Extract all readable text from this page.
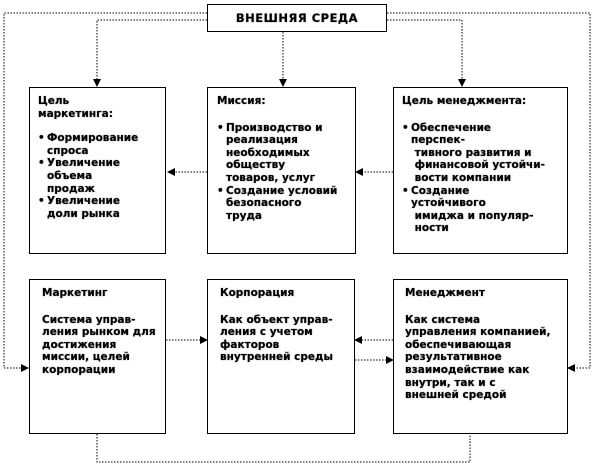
ВНЕШНЯЯ СРЕДА
Цель
маркетинга:
• Формирование
спроса
• Увеличение
объема
продаж
• Увеличение
доли рынка
Миссия:
• Производство и
реализация
необходимых
обществу
товаров, услуг
• Создание условий
безопасного
труда
Цель менеджмента:
• Обеспечение
перспек-
тивного развития и
финансовой устойчи-
вости компании
• Создание
устойчивого
имиджа и популяр-
ности
Маркетинг
Система управ-
ления рынком для
достижения
миссии, целей
корпорации
Корпорация
Как объект управ-
ления с учетом
факторов
внутренней среды
Менеджмент
Как система
управления компанией,
обеспечивающая
результативное
взаимодействие как
внутри, так и с
внешней средой
